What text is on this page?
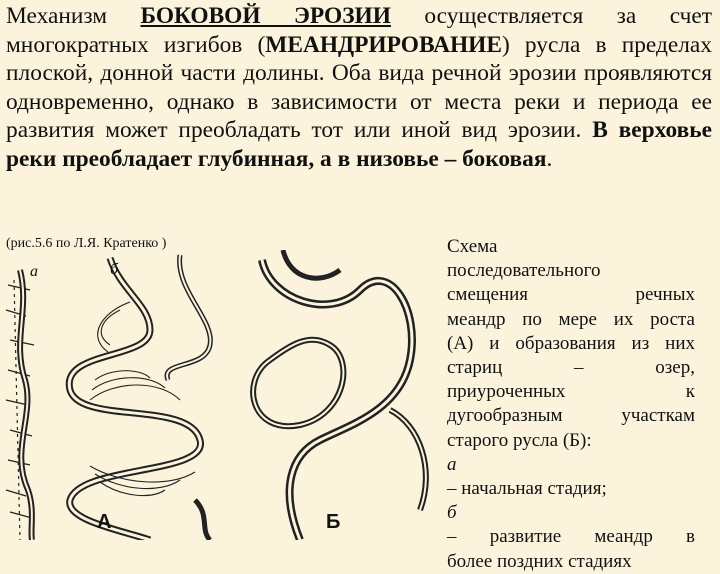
Механизм БОКОВОЙ ЭРОЗИИ осуществляется за счет многократных изгибов (МЕАНДРИРОВАНИЕ) русла в пределах плоской, донной части долины. Оба вида речной эрозии проявляются одновременно, однако в зависимости от места реки и периода ее развития может преобладать тот или иной вид эрозии. В верховье реки преобладает глубинная, а в низовье – боковая.

(рис.5.6 по Л.Я. Кратенко )
а	б
А	Б
Схема
последовательного
смещения речных
меандр по мере их роста
(А) и образования из них
стариц – озер,
приуроченных к
дугообразным участкам
старого русла (Б):
а
– начальная стадия;
б
– развитие меандр в
более поздних стадиях
